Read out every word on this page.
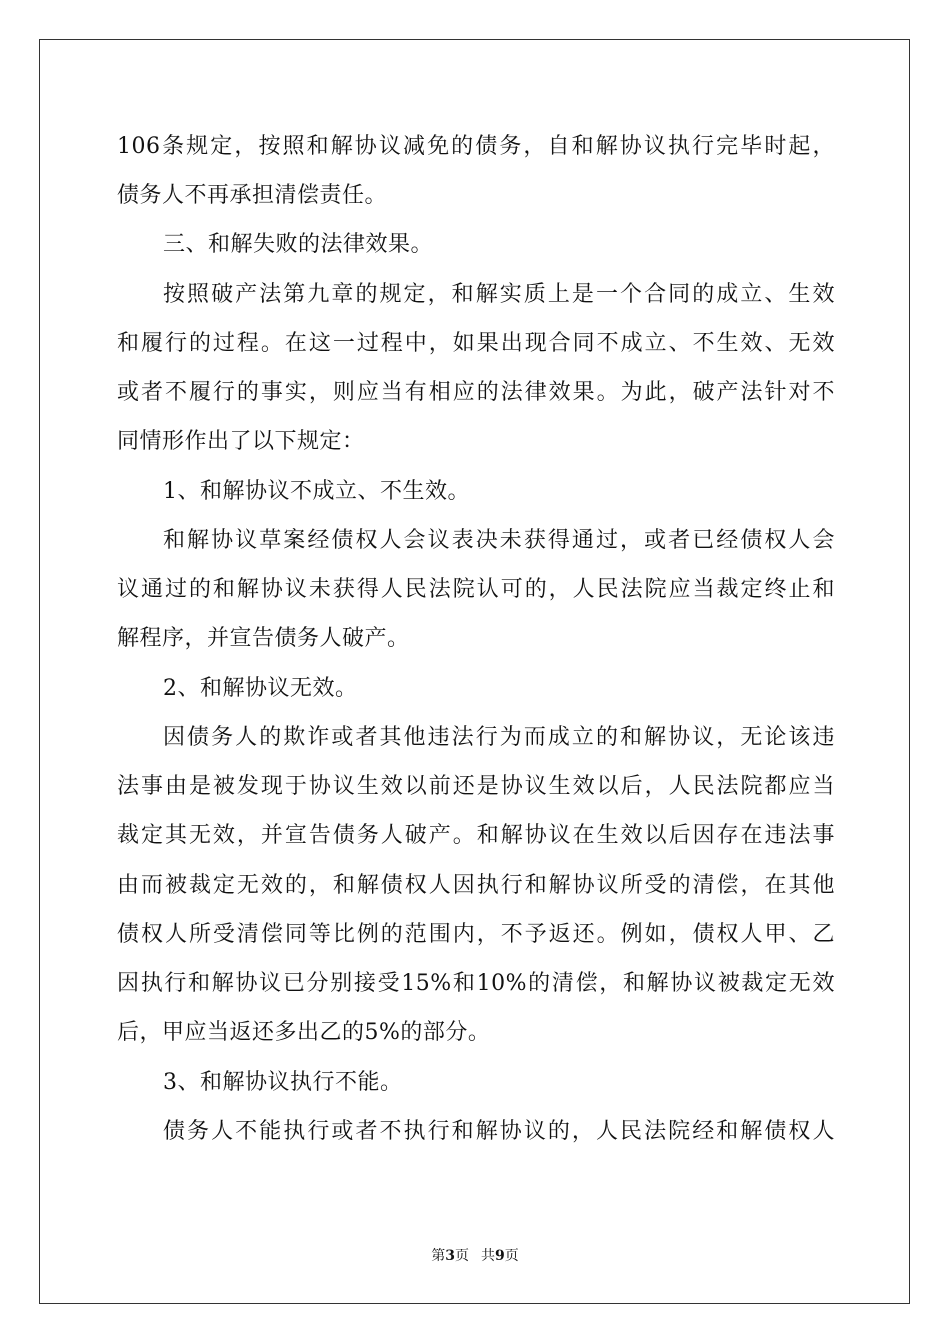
106条规定，按照和解协议减免的债务，自和解协议执行完毕时起，
债务人不再承担清偿责任。
三、和解失败的法律效果。
按照破产法第九章的规定，和解实质上是一个合同的成立、生效
和履行的过程。在这一过程中，如果出现合同不成立、不生效、无效
或者不履行的事实，则应当有相应的法律效果。为此，破产法针对不
同情形作出了以下规定：
1、和解协议不成立、不生效。
和解协议草案经债权人会议表决未获得通过，或者已经债权人会
议通过的和解协议未获得人民法院认可的，人民法院应当裁定终止和
解程序，并宣告债务人破产。
2、和解协议无效。
因债务人的欺诈或者其他违法行为而成立的和解协议，无论该违
法事由是被发现于协议生效以前还是协议生效以后，人民法院都应当
裁定其无效，并宣告债务人破产。和解协议在生效以后因存在违法事
由而被裁定无效的，和解债权人因执行和解协议所受的清偿，在其他
债权人所受清偿同等比例的范围内，不予返还。例如，债权人甲、乙
因执行和解协议已分别接受15%和10%的清偿，和解协议被裁定无效
后，甲应当返还多出乙的5%的部分。
3、和解协议执行不能。
债务人不能执行或者不执行和解协议的，人民法院经和解债权人
第3页 共9页
